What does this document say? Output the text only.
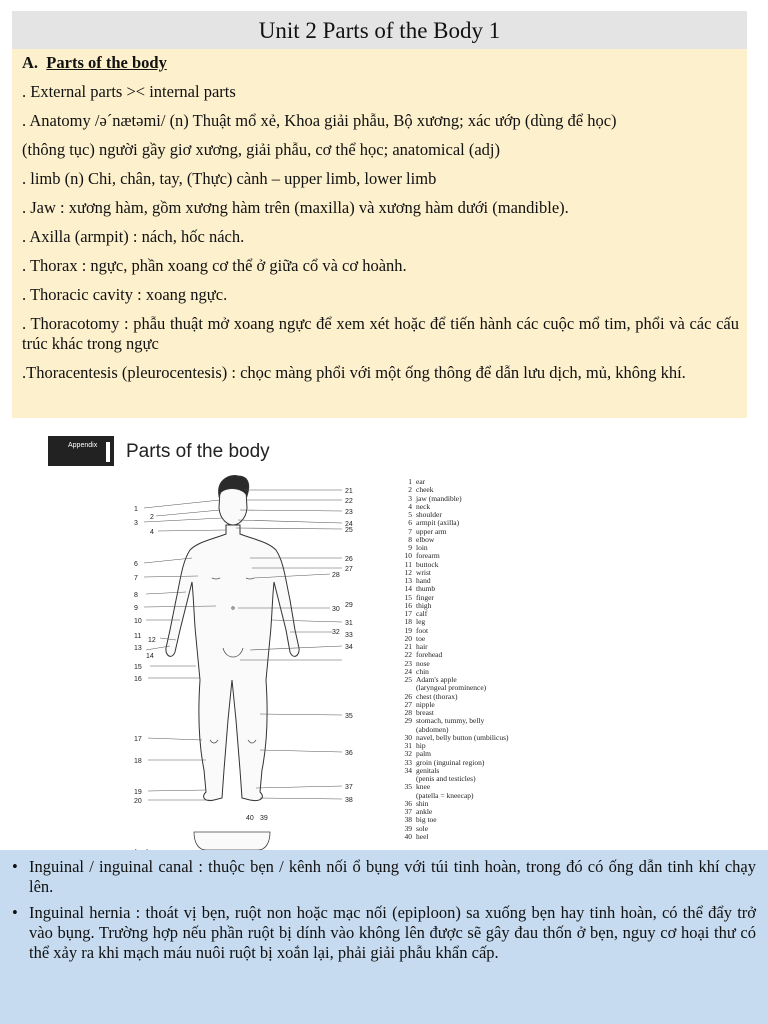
Unit 2 Parts of the Body 1
A. Parts of the body

. External parts >< internal parts

. Anatomy /əˊnætəmi/ (n) Thuật mổ xẻ, Khoa giải phẫu, Bộ xương; xác ướp (dùng để học)

(thông tục) người gầy giơ xương, giải phẫu, cơ thể học; anatomical (adj)

. limb (n) Chi, chân, tay, (Thực) cành – upper limb, lower limb

. Jaw : xương hàm, gồm xương hàm trên (maxilla) và xương hàm dưới (mandible).

. Axilla (armpit) : nách, hốc nách.

. Thorax : ngực, phần xoang cơ thể ở giữa cổ và cơ hoành.

. Thoracic cavity : xoang ngực.

. Thoracotomy : phẫu thuật mở xoang ngực để xem xét hoặc để tiến hành các cuộc mổ tim, phổi và các cấu trúc khác trong ngực

.Thoracentesis (pleurocentesis) : chọc màng phổi với một ống thông để dẫn lưu dịch, mủ, không khí.

Appendix Parts of the body
1
2
3
4
6
7
8
9
10
11
12
13
14
15
16
17
18
19
20
21
22
23
24
25
26
27
28
29
30
31
32 33
34
35
36
37
38
40 39
1 ear
2 cheek
3 jaw (mandible)
4 neck
5 shoulder
6 armpit (axilla)
7 upper arm
8 elbow
9 loin
10 forearm
11 buttock
12 wrist
13 hand
14 thumb
15 finger
16 thigh
17 calf
18 leg
19 foot
20 toe
21 hair
22 forehead
23 nose
24 chin
25 Adam's apple
(laryngeal prominence)
26 chest (thorax)
27 nipple
28 breast
29 stomach, tummy, belly
(abdomen)
30 navel, belly button (umbilicus)
31 hip
32 palm
33 groin (inguinal region)
34 genitals
(penis and testicles)
35 knee
(patella = kneecap)
36 shin
37 ankle
38 big toe
39 sole
40 heel
• Inguinal / inguinal canal : thuộc bẹn / kênh nối ổ bụng với túi tinh hoàn, trong đó có ống dẫn tinh khí chạy lên.
• Inguinal hernia : thoát vị bẹn, ruột non hoặc mạc nối (epiploon) sa xuống bẹn hay tinh hoàn, có thể đẩy trở vào bụng. Trường hợp nếu phần ruột bị dính vào không lên được sẽ gây đau thốn ở bẹn, nguy cơ hoại thư có thể xảy ra khi mạch máu nuôi ruột bị xoắn lại, phải giải phẫu khẩn cấp.
